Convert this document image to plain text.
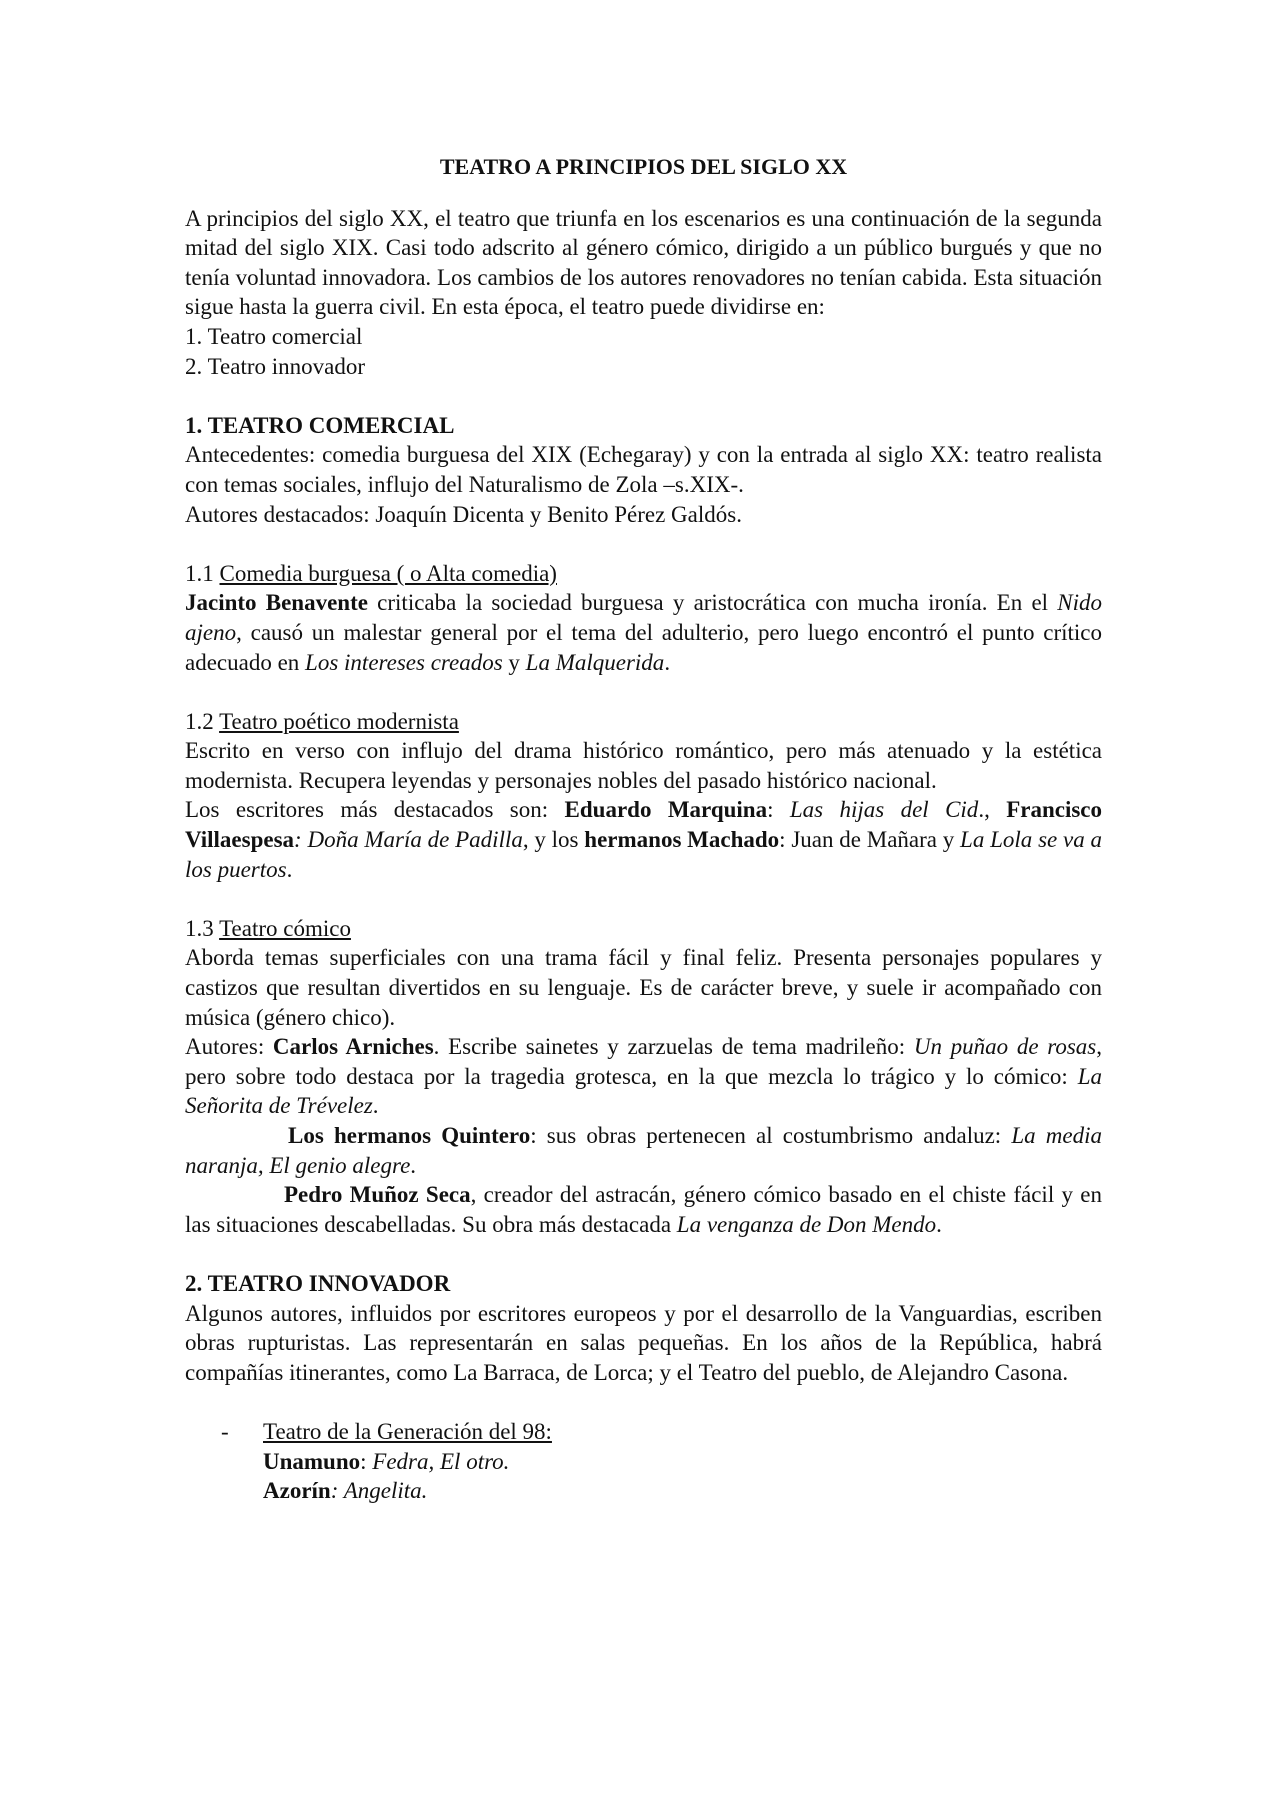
TEATRO A PRINCIPIOS DEL SIGLO XX

A principios del siglo XX, el teatro que triunfa en los escenarios es una continuación de la segunda mitad del siglo XIX. Casi todo adscrito al género cómico, dirigido a un público burgués y que no tenía voluntad innovadora. Los cambios de los autores renovadores no tenían cabida. Esta situación sigue hasta la guerra civil. En esta época, el teatro puede dividirse en:

1. Teatro comercial

2. Teatro innovador

1. TEATRO COMERCIAL

Antecedentes: comedia burguesa del XIX (Echegaray) y con la entrada al siglo XX: teatro realista con temas sociales, influjo del Naturalismo de Zola –s.XIX-.

Autores destacados: Joaquín Dicenta y Benito Pérez Galdós.

1.1 Comedia burguesa ( o Alta comedia)

Jacinto Benavente criticaba la sociedad burguesa y aristocrática con mucha ironía. En el Nido ajeno, causó un malestar general por el tema del adulterio, pero luego encontró el punto crítico adecuado en Los intereses creados y La Malquerida.

1.2 Teatro poético modernista

Escrito en verso con influjo del drama histórico romántico, pero más atenuado y la estética modernista. Recupera leyendas y personajes nobles del pasado histórico nacional.

Los escritores más destacados son: Eduardo Marquina: Las hijas del Cid., Francisco Villaespesa: Doña María de Padilla, y los hermanos Machado: Juan de Mañara y La Lola se va a los puertos.

1.3 Teatro cómico

Aborda temas superficiales con una trama fácil y final feliz. Presenta personajes populares y castizos que resultan divertidos en su lenguaje. Es de carácter breve, y suele ir acompañado con música (género chico).

Autores: Carlos Arniches. Escribe sainetes y zarzuelas de tema madrileño: Un puñao de rosas, pero sobre todo destaca por la tragedia grotesca, en la que mezcla lo trágico y lo cómico: La Señorita de Trévelez.

Los hermanos Quintero: sus obras pertenecen al costumbrismo andaluz: La media naranja, El genio alegre.

Pedro Muñoz Seca, creador del astracán, género cómico basado en el chiste fácil y en las situaciones descabelladas. Su obra más destacada La venganza de Don Mendo.

2. TEATRO INNOVADOR

Algunos autores, influidos por escritores europeos y por el desarrollo de la Vanguardias, escriben obras rupturistas. Las representarán en salas pequeñas. En los años de la República, habrá compañías itinerantes, como La Barraca, de Lorca; y el Teatro del pueblo, de Alejandro Casona.

- Teatro de la Generación del 98:

Unamuno: Fedra, El otro.

Azorín: Angelita.
